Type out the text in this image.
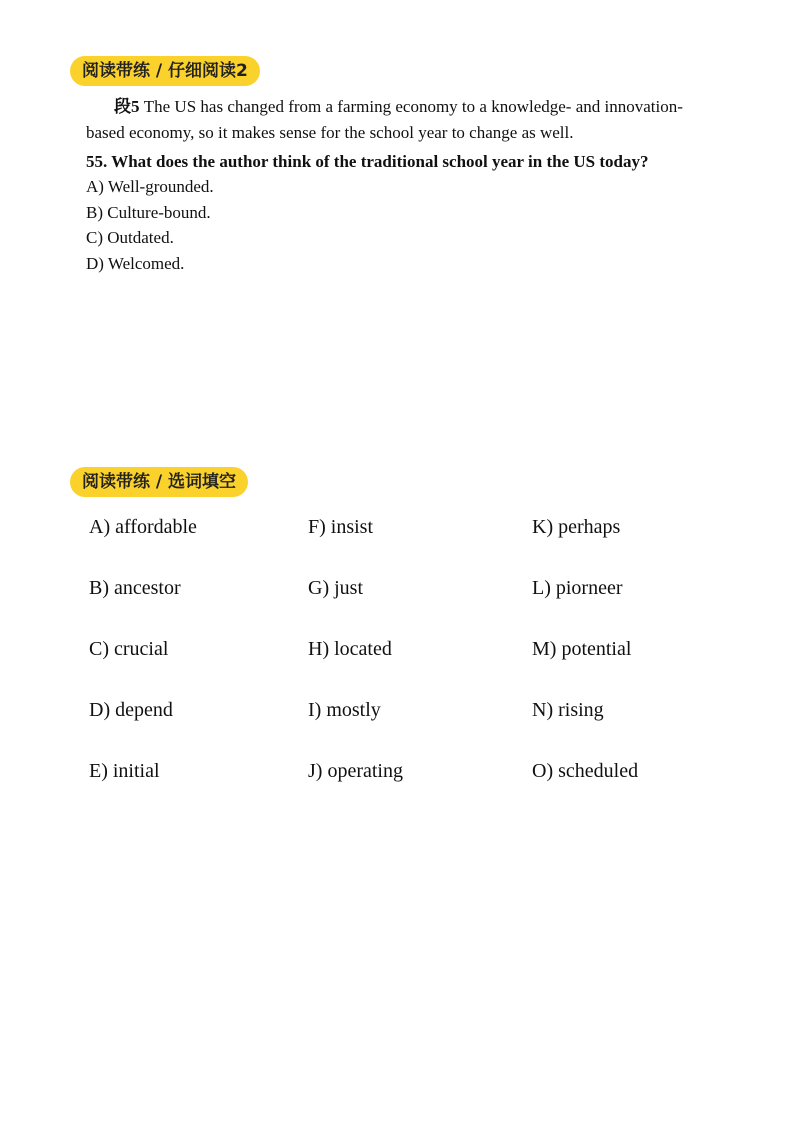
阅读带练 / 仔细阅读2
段5 The US has changed from a farming economy to a knowledge- and innovation-based economy, so it makes sense for the school year to change as well.
55. What does the author think of the traditional school year in the US today?
A) Well-grounded.
B) Culture-bound.
C) Outdated.
D) Welcomed.
阅读带练 / 选词填空
A) affordable
B) ancestor
C) crucial
D) depend
E) initial
F) insist
G) just
H) located
I) mostly
J) operating
K) perhaps
L) piorneer
M) potential
N) rising
O) scheduled
